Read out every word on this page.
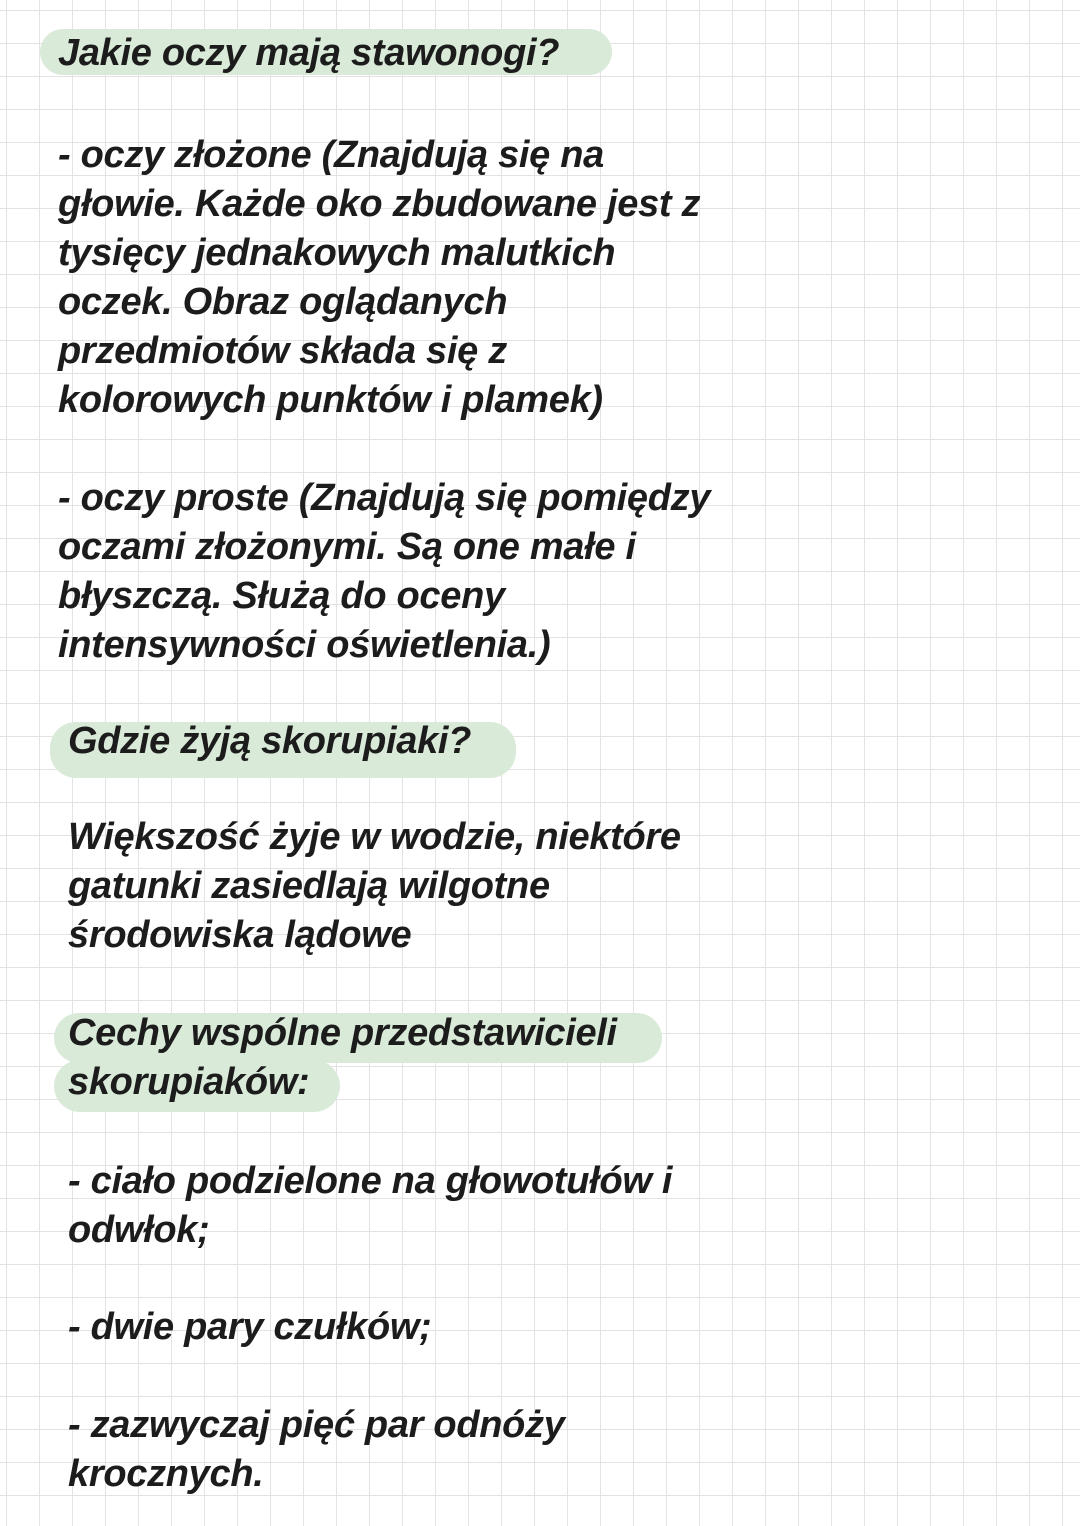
Jakie oczy mają stawonogi?
- oczy złożone (Znajdują się na
głowie. Każde oko zbudowane jest z
tysięcy jednakowych malutkich
oczek. Obraz oglądanych
przedmiotów składa się z
kolorowych punktów i plamek)
- oczy proste (Znajdują się pomiędzy
oczami złożonymi. Są one małe i
błyszczą. Służą do oceny
intensywności oświetlenia.)
Gdzie żyją skorupiaki?
Większość żyje w wodzie, niektóre
gatunki zasiedlają wilgotne
środowiska lądowe
Cechy wspólne przedstawicieli
skorupiaków:
- ciało podzielone na głowotułów i
odwłok;
- dwie pary czułków;
- zazwyczaj pięć par odnóży
krocznych.
